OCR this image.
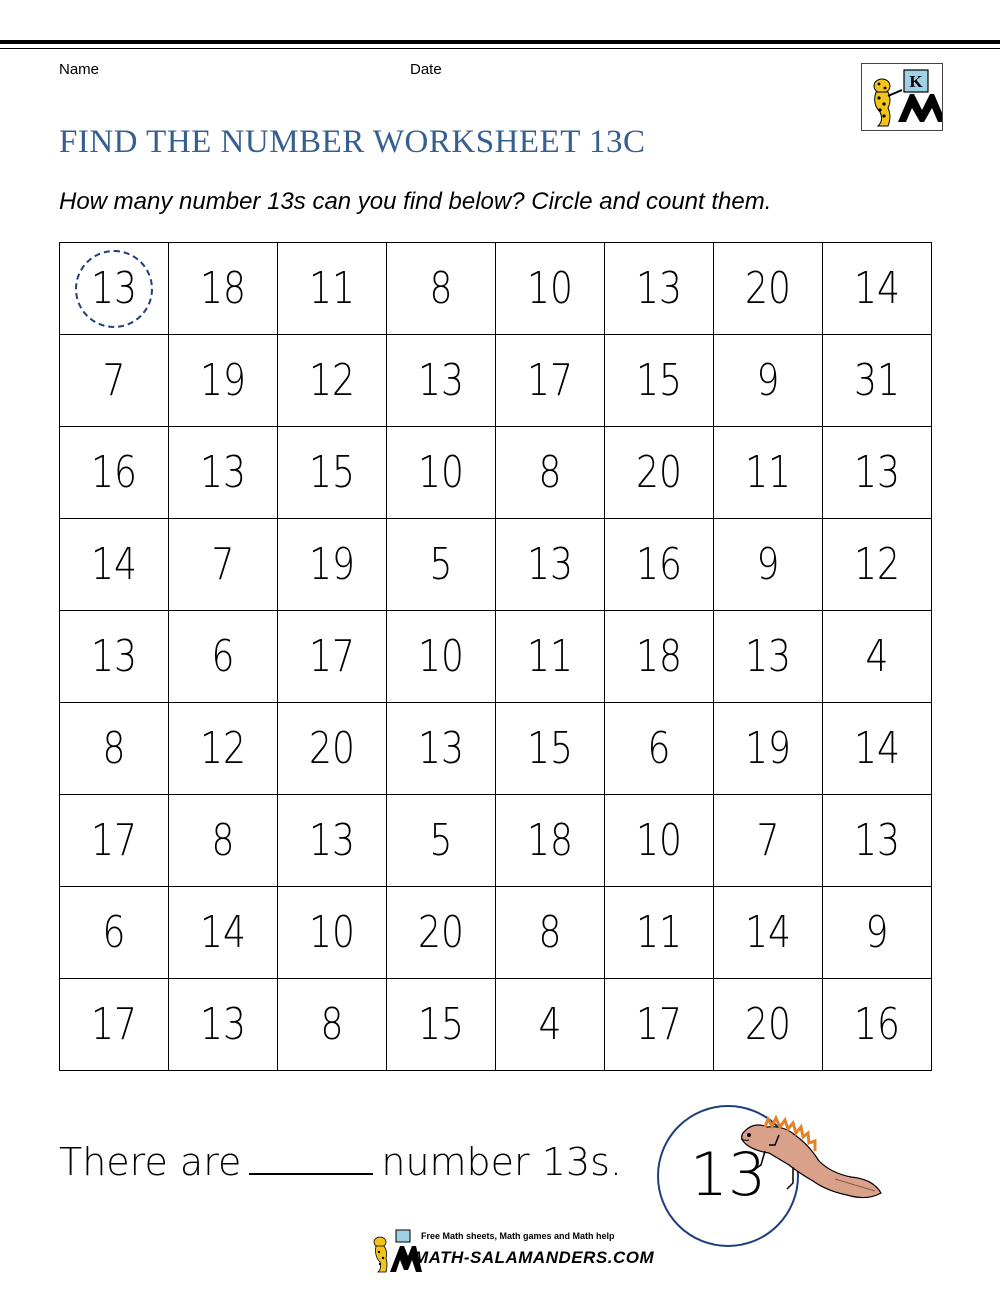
Name	Date
K
FIND THE NUMBER WORKSHEET 13C
How many number 13s can you find below? Circle and count them.
13	18	11	8	10	13	20	14
7	19	12	13	17	15	9	31
16	13	15	10	8	20	11	13
14	7	19	5	13	16	9	12
13	6	17	10	11	18	13	4
8	12	20	13	15	6	19	14
17	8	13	5	18	10	7	13
6	14	10	20	8	11	14	9
17	13	8	15	4	17	20	16
There are	number 13s.	13
Free Math sheets, Math games and Math help
MATH-SALAMANDERS.COM
